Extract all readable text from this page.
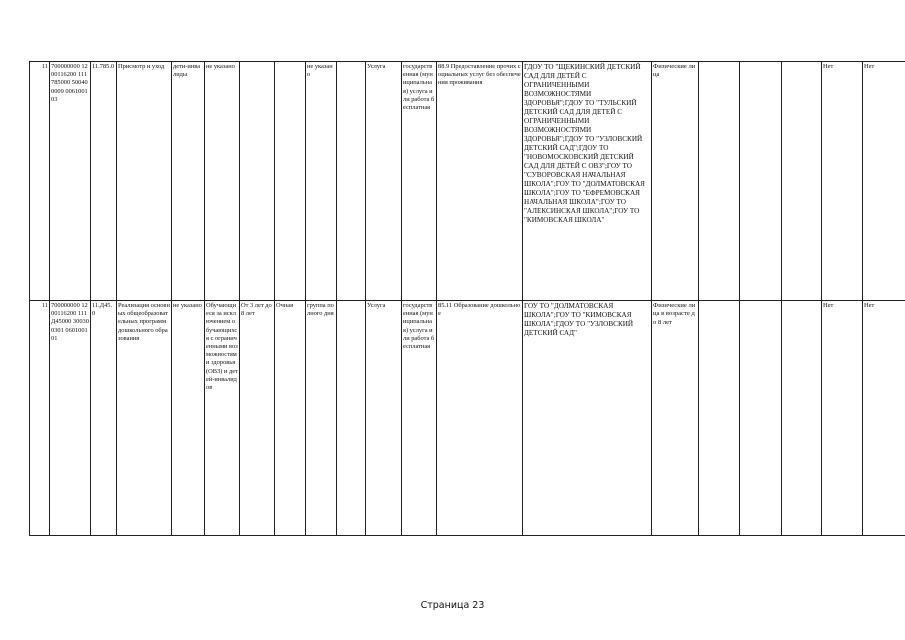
11	700000000 1200116200 111785000 500400009 006100103	11.785.0	Присмотр и уход	дети-инвалиды	не указано			не указано		Услуга	государственная (муниципальная) услуга или работа бесплатная	88.9 Предоставление прочих социальных услуг без обеспечения проживания	ГДОУ ТО "ЩЕКИНСКИЙ ДЕТСКИЙ САД ДЛЯ ДЕТЕЙ С ОГРАНИЧЕННЫМИ ВОЗМОЖНОСТЯМИ ЗДОРОВЬЯ";ГДОУ ТО "ТУЛЬСКИЙ ДЕТСКИЙ САД ДЛЯ ДЕТЕЙ С ОГРАНИЧЕННЫМИ ВОЗМОЖНОСТЯМИ ЗДОРОВЬЯ";ГДОУ ТО "УЗЛОВСКИЙ ДЕТСКИЙ САД";ГДОУ ТО "НОВОМОСКОВСКИЙ ДЕТСКИЙ САД ДЛЯ ДЕТЕЙ С ОВЗ";ГОУ ТО "СУВОРОВСКАЯ НАЧАЛЬНАЯ ШКОЛА";ГОУ ТО "ДОЛМАТОВСКАЯ ШКОЛА";ГОУ ТО "ЕФРЕМОВСКАЯ НАЧАЛЬНАЯ ШКОЛА";ГОУ ТО "АЛЕКСИНСКАЯ ШКОЛА";ГОУ ТО "КИМОВСКАЯ ШКОЛА"	Физические лица				Нет	Нет	
11	700000000 1200116200 111Д45000 300300301 060100101	11.Д45.0	Реализация основных общеобразовательных программ дошкольного образования	не указано	Обучающиеся за исключением обучающихся с ограниченными возможностями здоровья (ОВЗ) и детей-инвалидов	От 3 лет до 8 лет	Очная	группа полного дня		Услуга	государственная (муниципальная) услуга или работа бесплатная	85.11 Образование дошкольное	ГОУ ТО "ДОЛМАТОВСКАЯ ШКОЛА";ГОУ ТО "КИМОВСКАЯ ШКОЛА";ГДОУ ТО "УЗЛОВСКИЙ ДЕТСКИЙ САД"	Физические лица в возрасте до 8 лет				Нет	Нет	
Страница 23
